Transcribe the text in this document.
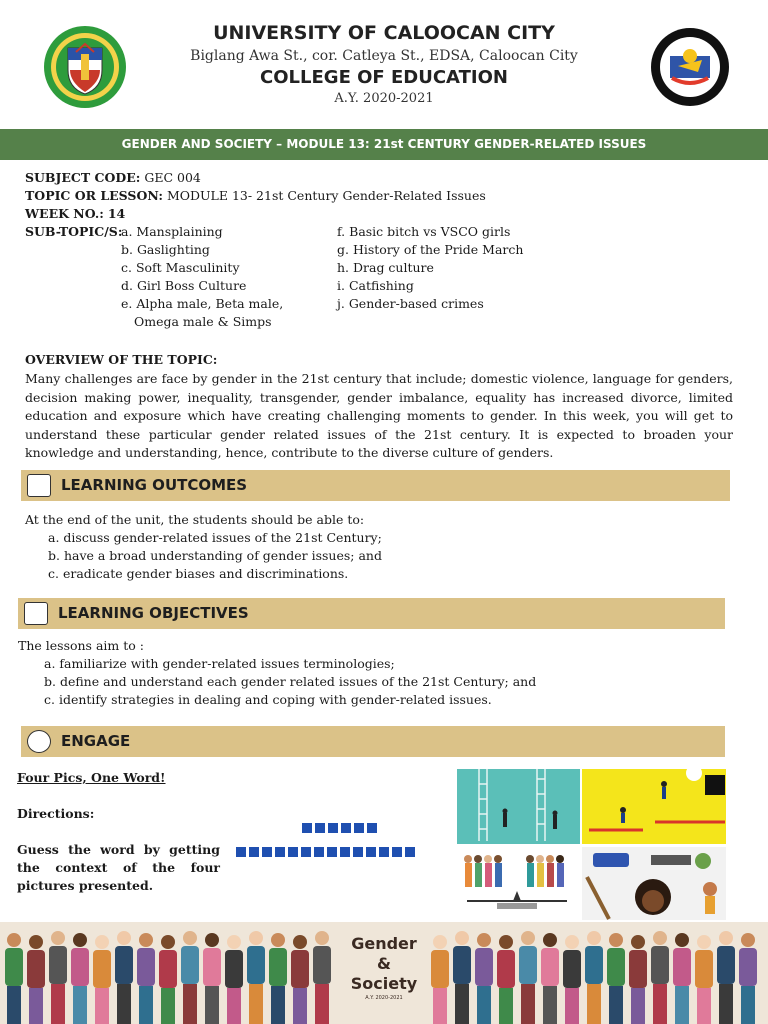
UNIVERSITY OF CALOOCAN CITY
Biglang Awa St., cor. Catleya St., EDSA, Caloocan City
COLLEGE OF EDUCATION
A.Y. 2020-2021
GENDER AND SOCIETY – MODULE 13: 21st CENTURY GENDER-RELATED ISSUES
SUBJECT CODE: GEC 004
TOPIC OR LESSON: MODULE 13- 21st Century Gender-Related Issues
WEEK NO.: 14
SUB-TOPIC/S:
a. Mansplaining
b. Gaslighting
c. Soft Masculinity
d. Girl Boss Culture
e. Alpha male, Beta male,
Omega male & Simps
f. Basic bitch vs VSCO girls
g. History of the Pride March
h. Drag culture
i. Catfishing
j. Gender-based crimes
OVERVIEW OF THE TOPIC:
Many challenges are face by gender in the 21st century that include; domestic violence, language for genders, decision making power, inequality, transgender, gender imbalance, equality has increased divorce, limited education and exposure which have creating challenging moments to gender. In this week, you will get to understand these particular gender related issues of the 21st century. It is expected to broaden your knowledge and understanding, hence, contribute to the diverse culture of genders.
LEARNING OUTCOMES
At the end of the unit, the students should be able to:
a. discuss gender-related issues of the 21st Century;
b. have a broad understanding of gender issues; and
c. eradicate gender biases and discriminations.
LEARNING OBJECTIVES
The lessons aim to :
a. familiarize with gender-related issues terminologies;
b. define and understand each gender related issues of the 21st Century; and
c. identify strategies in dealing and coping with gender-related issues.
ENGAGE
Four Pics, One Word!
Directions:
Guess the word by getting the context of the four pictures presented.
Gender
&
Society
A.Y. 2020-2021
